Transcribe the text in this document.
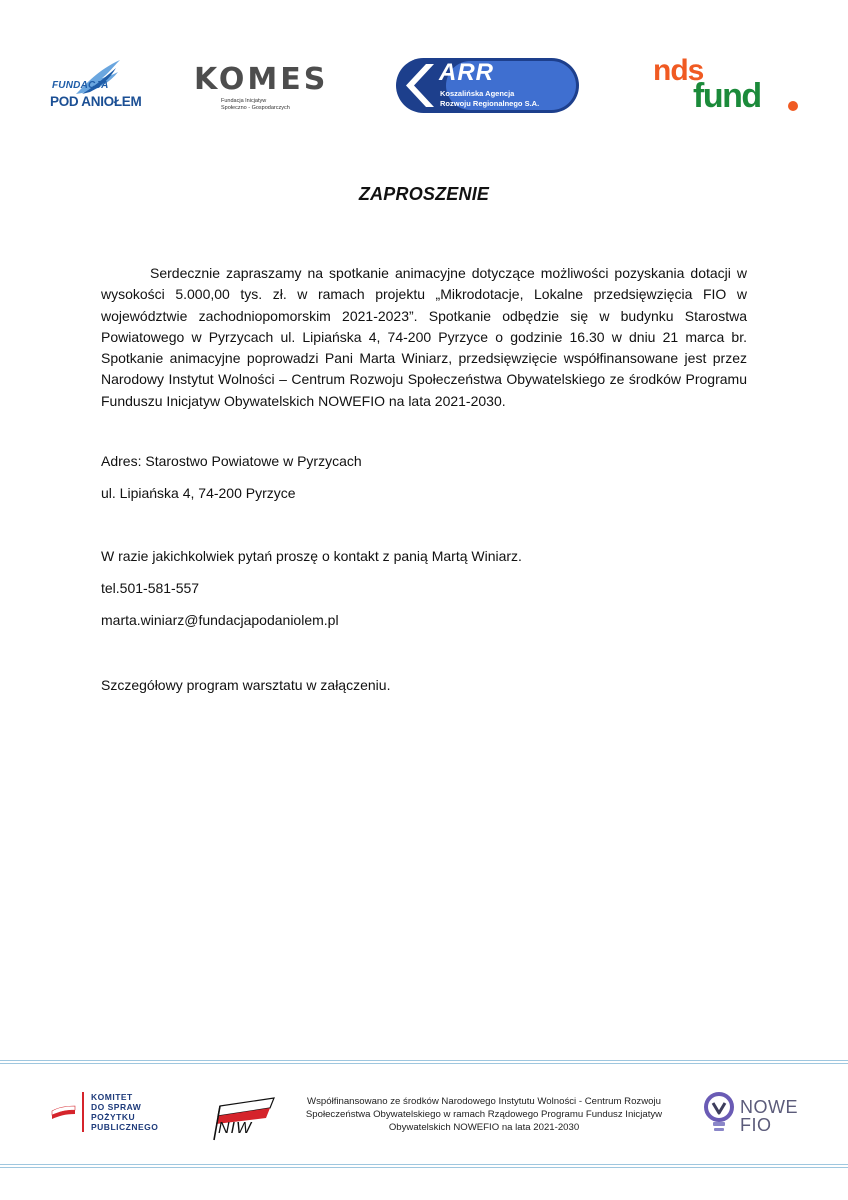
FUNDACJA
POD ANIOŁEM
KOMES
Fundacja Inicjatyw
Społeczno - Gospodarczych
ARR
Koszalińska Agencja
Rozwoju Regionalnego S.A.
nds
fund
ZAPROSZENIE
Serdecznie zapraszamy na spotkanie animacyjne dotyczące możliwości pozyskania dotacji w wysokości 5.000,00 tys. zł. w ramach projektu „Mikrodotacje, Lokalne przedsięwzięcia FIO w województwie zachodniopomorskim 2021-2023”. Spotkanie odbędzie się w budynku Starostwa Powiatowego w Pyrzycach ul. Lipiańska 4, 74-200 Pyrzyce o godzinie 16.30 w dniu 21 marca br. Spotkanie animacyjne poprowadzi Pani Marta Winiarz, przedsięwzięcie współfinansowane jest przez Narodowy Instytut Wolności – Centrum Rozwoju Społeczeństwa Obywatelskiego ze środków Programu Funduszu Inicjatyw Obywatelskich NOWEFIO na lata 2021-2030.
Adres: Starostwo Powiatowe w Pyrzycach
ul. Lipiańska 4, 74-200 Pyrzyce
W razie jakichkolwiek pytań proszę o kontakt z panią Martą Winiarz.
tel.501-581-557
marta.winiarz@fundacjapodaniolem.pl
Szczegółowy program warsztatu w załączeniu.
KOMITET
DO SPRAW
POŻYTKU
PUBLICZNEGO	NIW
Współfinansowano ze środków Narodowego Instytutu Wolności - Centrum Rozwoju Społeczeństwa Obywatelskiego w ramach Rządowego Programu Fundusz Inicjatyw Obywatelskich NOWEFIO na lata 2021-2030
NOWE
FIO
